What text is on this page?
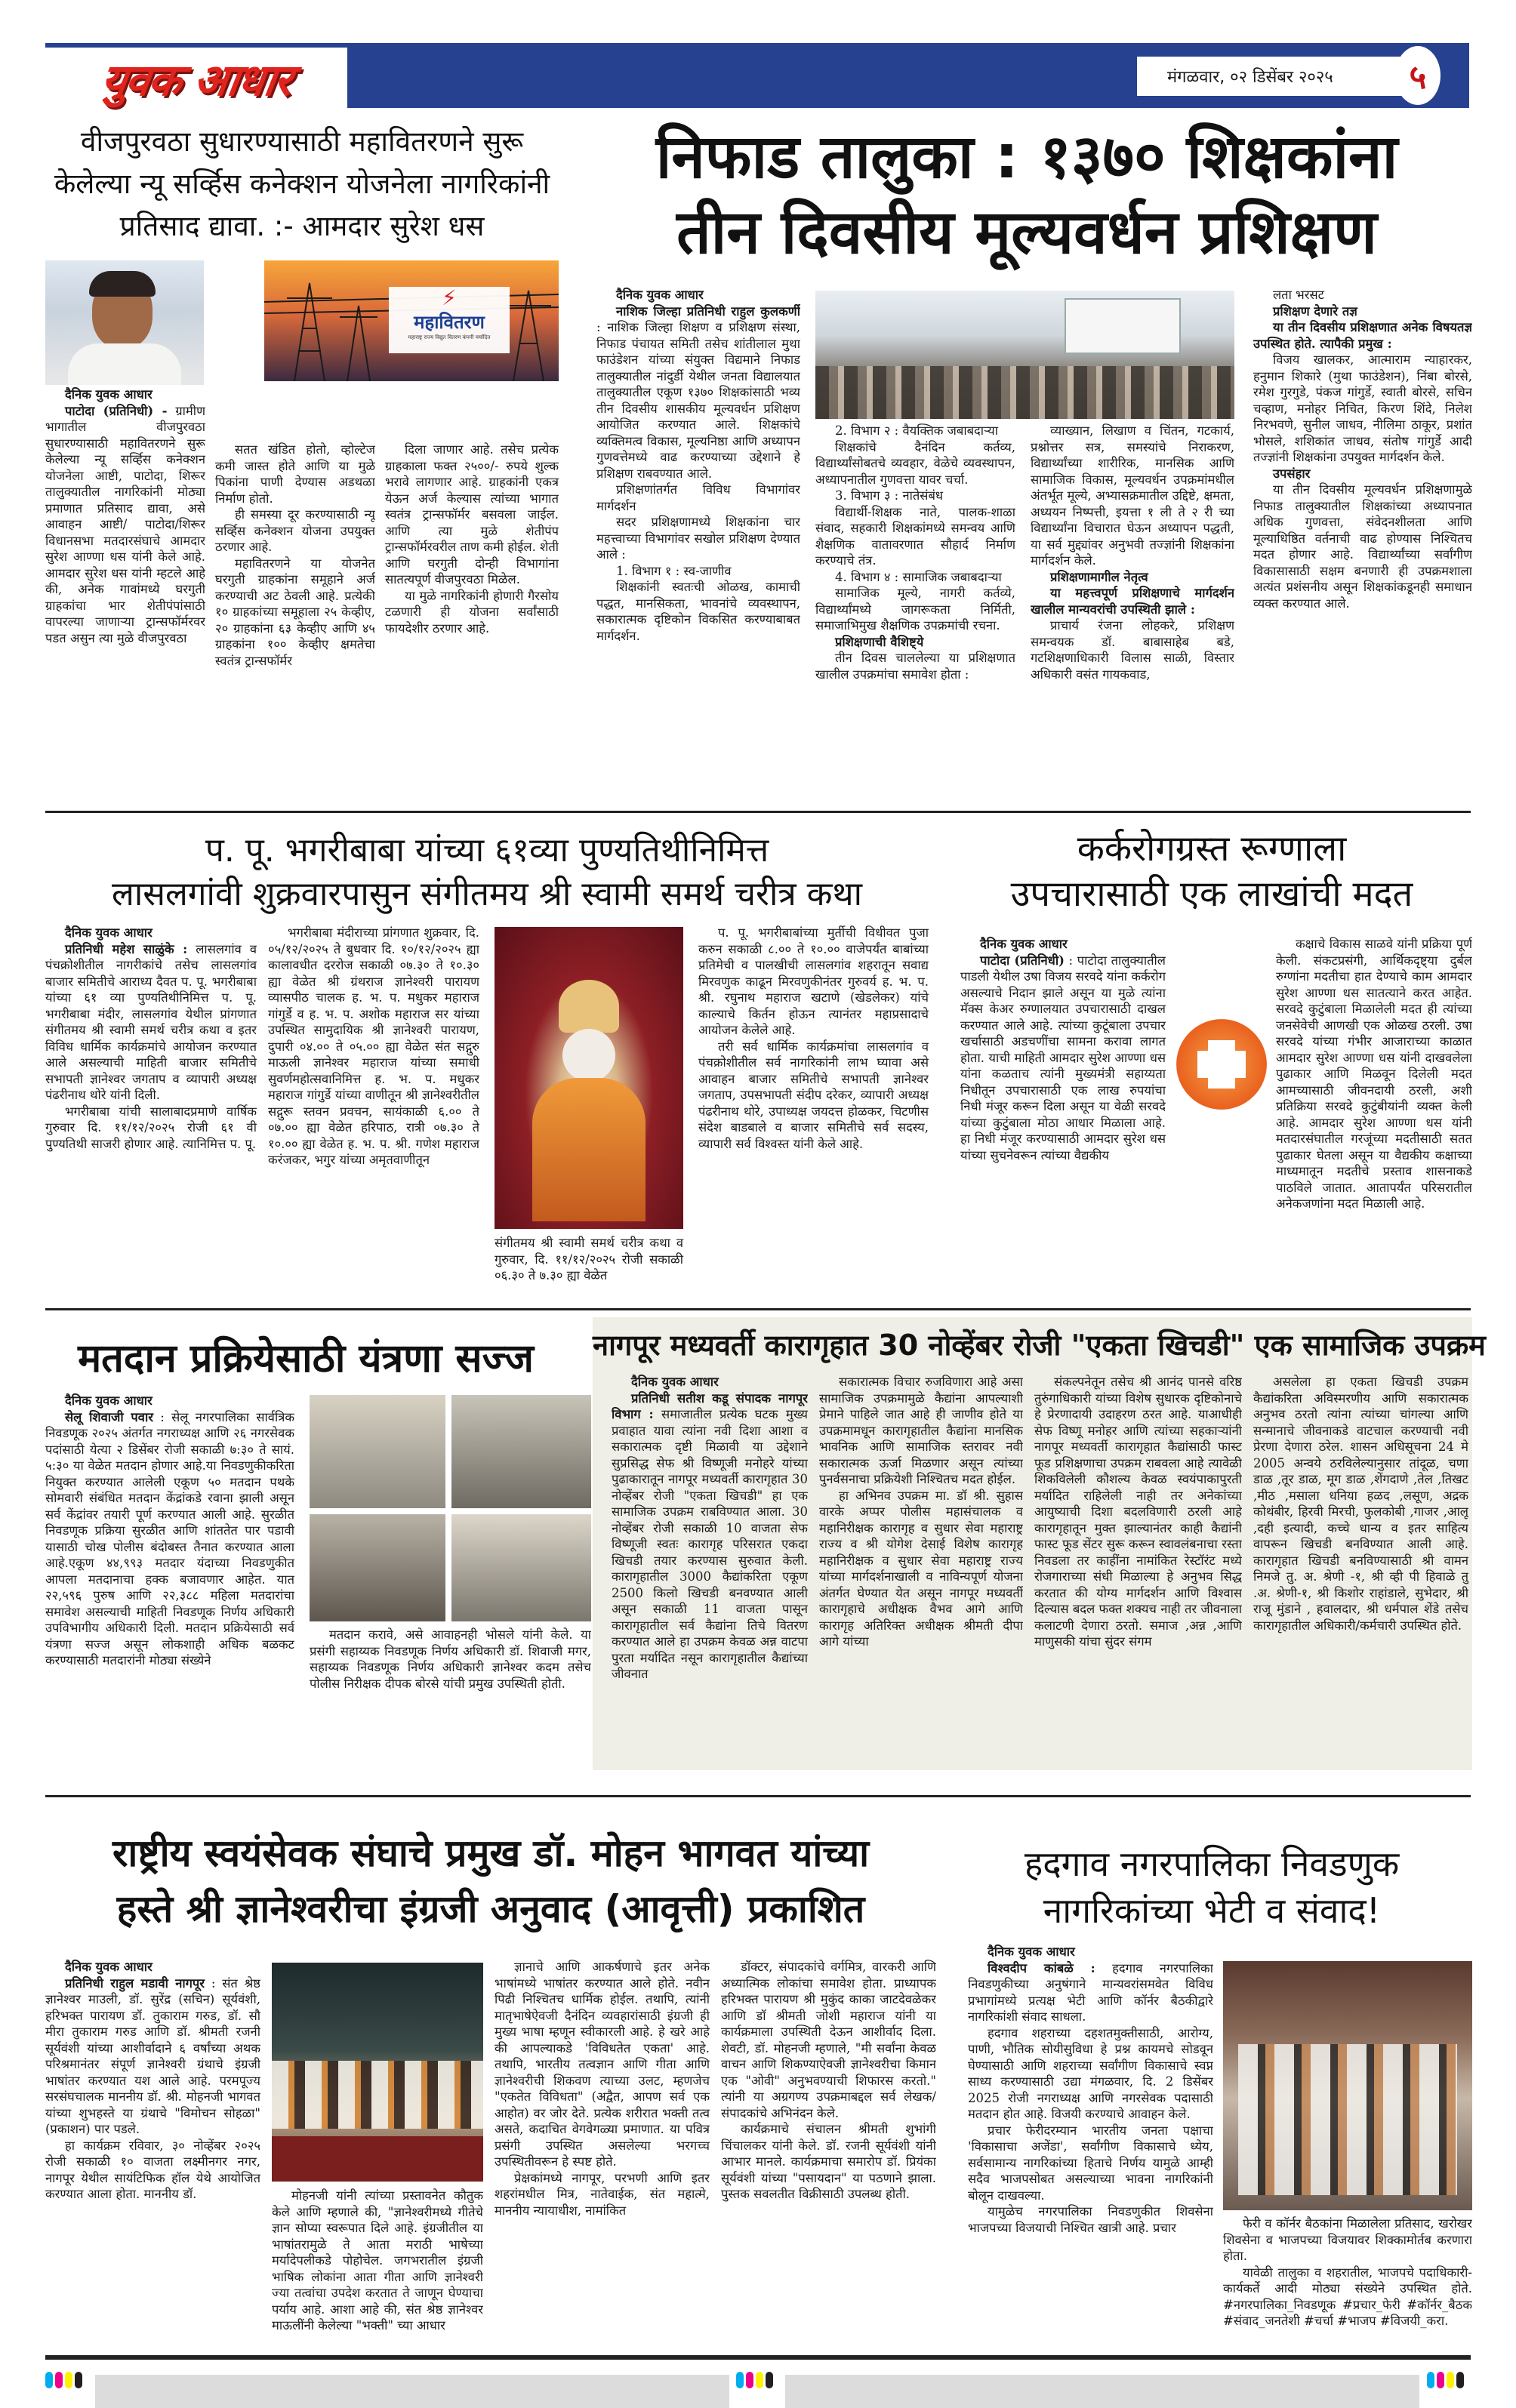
युवक आधार	मंगळवार, ०२ डिसेंबर २०२५	५
वीजपुरवठा सुधारण्यासाठी महावितरणने सुरू
केलेल्या न्यू सर्व्हिस कनेक्शन योजनेला नागरिकांनी
प्रतिसाद द्यावा. :- आमदार सुरेश धस
⚡
महावितरण
महाराष्ट्र राज्य विद्युत वितरण कंपनी मर्यादित

दैनिक युवक आधार

पाटोदा (प्रतिनिधी) - ग्रामीण भागातील वीजपुरवठा सुधारण्यासाठी महावितरणने सुरू केलेल्या न्यू सर्व्हिस कनेक्शन योजनेला आष्टी, पाटोदा, शिरूर तालुक्यातील नागरिकांनी मोठ्या प्रमाणात प्रतिसाद द्यावा, असे आवाहन आष्टी/ पाटोदा/शिरूर विधानसभा मतदारसंघाचे आमदार सुरेश आण्णा धस यांनी केले आहे. आमदार सुरेश धस यांनी म्हटले आहे की, अनेक गावांमध्ये घरगुती ग्राहकांचा भार शेतीपंपांसाठी वापरल्या जाणाऱ्या ट्रान्सफॉर्मरवर पडत असुन त्या मुळे वीजपुरवठा

सतत खंडित होतो, व्होल्टेज कमी जास्त होते आणि या मुळे पिकांना पाणी देण्यास अडथळा निर्माण होतो.

ही समस्या दूर करण्यासाठी न्यू सर्व्हिस कनेक्शन योजना उपयुक्त ठरणार आहे.

महावितरणने या योजनेत घरगुती ग्राहकांना समूहाने अर्ज करण्याची अट ठेवली आहे. प्रत्येकी १० ग्राहकांच्या समूहाला २५ केव्हीए, २० ग्राहकांना ६३ केव्हीए आणि ४५ ग्राहकांना १०० केव्हीए क्षमतेचा स्वतंत्र ट्रान्सफॉर्मर

दिला जाणार आहे. तसेच प्रत्येक ग्राहकाला फक्त २५००/- रुपये शुल्क भरावे लागणार आहे. ग्राहकांनी एकत्र येऊन अर्ज केल्यास त्यांच्या भागात स्वतंत्र ट्रान्सफॉर्मर बसवला जाईल. आणि त्या मुळे शेतीपंप ट्रान्सफॉर्मरवरील ताण कमी होईल. शेती आणि घरगुती दोन्ही विभागांना सातत्यपूर्ण वीजपुरवठा मिळेल.

या मुळे नागरिकांनी होणारी गैरसोय टळणारी ही योजना सर्वांसाठी फायदेशीर ठरणार आहे.

निफाड तालुका : १३७० शिक्षकांना
तीन दिवसीय मूल्यवर्धन प्रशिक्षण

दैनिक युवक आधार

नाशिक जिल्हा प्रतिनिधी राहुल कुलकर्णी : नाशिक जिल्हा शिक्षण व प्रशिक्षण संस्था, निफाड पंचायत समिती तसेच शांतीलाल मुथा फाउंडेशन यांच्या संयुक्त विद्यमाने निफाड तालुक्यातील नांदुर्डी येथील जनता विद्यालयात तालुक्यातील एकूण १३७० शिक्षकांसाठी भव्य तीन दिवसीय शासकीय मूल्यवर्धन प्रशिक्षण आयोजित करण्यात आले. शिक्षकांचे व्यक्तिमत्व विकास, मूल्यनिष्ठा आणि अध्यापन गुणवत्तेमध्ये वाढ करण्याच्या उद्देशाने हे प्रशिक्षण राबवण्यात आले.

प्रशिक्षणांतर्गत विविध विभागांवर मार्गदर्शन

सदर प्रशिक्षणामध्ये शिक्षकांना चार महत्त्वाच्या विभागांवर सखोल प्रशिक्षण देण्यात आले :

1. विभाग १ : स्व-जाणीव

शिक्षकांनी स्वतःची ओळख, कामाची पद्धत, मानसिकता, भावनांचे व्यवस्थापन, सकारात्मक दृष्टिकोन विकसित करण्याबाबत मार्गदर्शन.

2. विभाग २ : वैयक्तिक जबाबदाऱ्या

शिक्षकांचे दैनंदिन कर्तव्य, विद्यार्थ्यांसोबतचे व्यवहार, वेळेचे व्यवस्थापन, अध्यापनातील गुणवत्ता यावर चर्चा.

3. विभाग ३ : नातेसंबंध

विद्यार्थी-शिक्षक नाते, पालक-शाळा संवाद, सहकारी शिक्षकांमध्ये समन्वय आणि शैक्षणिक वातावरणात सौहार्द निर्माण करण्याचे तंत्र.

4. विभाग ४ : सामाजिक जबाबदाऱ्या

सामाजिक मूल्ये, नागरी कर्तव्ये, विद्यार्थ्यांमध्ये जागरूकता निर्मिती, समाजाभिमुख शैक्षणिक उपक्रमांची रचना.

प्रशिक्षणाची वैशिष्ट्ये

तीन दिवस चाललेल्या या प्रशिक्षणात खालील उपक्रमांचा समावेश होता :

व्याख्यान, लिखाण व चिंतन, गटकार्य, प्रश्नोत्तर सत्र, समस्यांचे निराकरण, विद्यार्थ्यांच्या शारीरिक, मानसिक आणि सामाजिक विकास, मूल्यवर्धन उपक्रमांमधील अंतर्भूत मूल्ये, अभ्यासक्रमातील उद्दिष्टे, क्षमता, अध्ययन निष्पत्ती, इयत्ता १ ली ते २ री च्या विद्यार्थ्यांना विचारात घेऊन अध्यापन पद्धती, या सर्व मुद्द्यांवर अनुभवी तज्ज्ञांनी शिक्षकांना मार्गदर्शन केले.

प्रशिक्षणामागील नेतृत्व

या महत्त्वपूर्ण प्रशिक्षणाचे मार्गदर्शन खालील मान्यवरांची उपस्थिती झाले :

प्राचार्य रंजना लोहकरे, प्रशिक्षण समन्वयक डॉ. बाबासाहेब बडे, गटशिक्षणाधिकारी विलास साळी, विस्तार अधिकारी वसंत गायकवाड,

लता भरसट

प्रशिक्षण देणारे तज्ञ

या तीन दिवसीय प्रशिक्षणात अनेक विषयतज्ञ उपस्थित होते. त्यापैकी प्रमुख :

विजय खालकर, आत्माराम न्याहारकर, हनुमान शिकारे (मुथा फाउंडेशन), निंबा बोरसे, रमेश गुरगुडे, पंकज गांगुर्डे, स्वाती बोरसे, सचिन चव्हाण, मनोहर निचित, किरण शिंदे, निलेश निरभवणे, सुनील जाधव, नीलिमा ठाकूर, प्रशांत भोसले, शशिकांत जाधव, संतोष गांगुर्डे आदी तज्ज्ञांनी शिक्षकांना उपयुक्त मार्गदर्शन केले.

उपसंहार

या तीन दिवसीय मूल्यवर्धन प्रशिक्षणामुळे निफाड तालुक्यातील शिक्षकांच्या अध्यापनात अधिक गुणवत्ता, संवेदनशीलता आणि मूल्याधिष्ठित वर्तनाची वाढ होण्यास निश्चितच मदत होणार आहे. विद्यार्थ्यांच्या सर्वांगीण विकासासाठी सक्षम बनणारी ही उपक्रमशाला अत्यंत प्रशंसनीय असून शिक्षकांकडूनही समाधान व्यक्त करण्यात आले.

प. पू. भगरीबाबा यांच्या ६१व्या पुण्यतिथीनिमित्त
लासलगांवी शुक्रवारपासुन संगीतमय श्री स्वामी समर्थ चरीत्र कथा

दैनिक युवक आधार

प्रतिनिधी महेश साळुंके : लासलगांव व पंचक्रोशीतील नागरीकांचे तसेच लासलगांव बाजार समितीचे आराध्य दैवत प. पू. भगरीबाबा यांच्या ६१ व्या पुण्यतिथीनिमित्त प. पू. भगरीबाबा मंदीर, लासलगांव येथील प्रांगणात संगीतमय श्री स्वामी समर्थ चरीत्र कथा व इतर विविध धार्मिक कार्यक्रमांचे आयोजन करण्यात आले असल्याची माहिती बाजार समितीचे सभापती ज्ञानेश्वर जगताप व व्यापारी अध्यक्ष पंढरीनाथ थोरे यांनी दिली.

भगरीबाबा यांची सालाबादप्रमाणे वार्षिक गुरुवार दि. ११/१२/२०२५ रोजी ६१ वी पुण्यतिथी साजरी होणार आहे. त्यानिमित्त प. पू.

भगरीबाबा मंदीराच्या प्रांगणात शुक्रवार, दि. ०५/१२/२०२५ ते बुधवार दि. १०/१२/२०२५ ह्या कालावधीत दररोज सकाळी ०७.३० ते १०.३० ह्या वेळेत श्री ग्रंथराज ज्ञानेश्वरी पारायण व्यासपीठ चालक ह. भ. प. मधुकर महाराज गांगुर्डे व ह. भ. प. अशोक महाराज सर यांच्या उपस्थित सामुदायिक श्री ज्ञानेश्वरी पारायण, दुपारी ०४.०० ते ०५.०० ह्या वेळेत संत सद्गुरु माऊली ज्ञानेश्वर महाराज यांच्या समाधी सुवर्णमहोत्सवानिमित्त ह. भ. प. मधुकर महाराज गांगुर्डे यांच्या वाणीतून श्री ज्ञानेश्वरीतील सद्गुरू स्तवन प्रवचन, सायंकाळी ६.०० ते ०७.०० ह्या वेळेत हरिपाठ, रात्री ०७.३० ते १०.०० ह्या वेळेत ह. भ. प. श्री. गणेश महाराज करंजकर, भगुर यांच्या अमृतवाणीतून

संगीतमय श्री स्वामी समर्थ चरीत्र कथा व गुरुवार, दि. ११/१२/२०२५ रोजी सकाळी ०६.३० ते ७.३० ह्या वेळेत

प. पू. भगरीबाबांच्या मुर्तीची विधीवत पुजा करुन सकाळी ८.०० ते १०.०० वाजेपर्यंत बाबांच्या प्रतिमेची व पालखीची लासलगांव शहरातून सवाद्य मिरवणुक काढून मिरवणुकीनंतर गुरुवर्य ह. भ. प. श्री. रघुनाथ महाराज खटाणे (खेडलेकर) यांचे काल्याचे किर्तन होऊन त्यानंतर महाप्रसादाचे आयोजन केलेले आहे.

तरी सर्व धार्मिक कार्यक्रमांचा लासलगांव व पंचक्रोशीतील सर्व नागरिकांनी लाभ घ्यावा असे आवाहन बाजार समितीचे सभापती ज्ञानेश्वर जगताप, उपसभापती संदीप दरेकर, व्यापारी अध्यक्ष पंढरीनाथ थोरे, उपाध्यक्ष जयदत्त होळकर, चिटणीस संदेश बाडबाले व बाजार समितीचे सर्व सदस्य, व्यापारी सर्व विश्वस्त यांनी केले आहे.

कर्करोगग्रस्त रूग्णाला
उपचारासाठी एक लाखांची मदत

दैनिक युवक आधार

पाटोदा (प्रतिनिधी) : पाटोदा तालुक्यातील पाडली येथील उषा विजय सरवदे यांना कर्करोग असल्याचे निदान झाले असून या मुळे त्यांना मॅक्स केअर रुग्णालयात उपचारासाठी दाखल करण्यात आले आहे. त्यांच्या कुटूंबाला उपचार खर्चासाठी अडचणींचा सामना करावा लागत होता. याची माहिती आमदार सुरेश आण्णा धस यांना कळताच त्यांनी मुख्यमंत्री सहाय्यता निधीतून उपचारासाठी एक लाख रुपयांचा निधी मंजूर करून दिला असून या वेळी सरवदे यांच्या कुटुंबाला मोठा आधार मिळाला आहे. हा निधी मंजूर करण्यासाठी आमदार सुरेश धस यांच्या सुचनेवरून त्यांच्या वैद्यकीय

कक्षाचे विकास साळवे यांनी प्रक्रिया पूर्ण केली. संकटप्रसंगी, आर्थिकदृष्ट्या दुर्बल रुग्णांना मदतीचा हात देण्याचे काम आमदार सुरेश आण्णा धस सातत्याने करत आहेत. सरवदे कुटुंबाला मिळालेली मदत ही त्यांच्या जनसेवेची आणखी एक ओळख ठरली. उषा सरवदे यांच्या गंभीर आजाराच्या काळात आमदार सुरेश आण्णा धस यांनी दाखवलेला पुढाकार आणि मिळवून दिलेली मदत आमच्यासाठी जीवनदायी ठरली, अशी प्रतिक्रिया सरवदे कुटुंबीयांनी व्यक्त केली आहे. आमदार सुरेश आण्णा धस यांनी मतदारसंघातील गरजूंच्या मदतीसाठी सतत पुढाकार घेतला असून या वैद्यकीय कक्षाच्या माध्यमातून मदतीचे प्रस्ताव शासनाकडे पाठविले जातात. आतापर्यंत परिसरातील अनेकजणांना मदत मिळाली आहे.

मतदान प्रक्रियेसाठी यंत्रणा सज्ज

दैनिक युवक आधार

सेलू शिवाजी पवार : सेलू नगरपालिका सार्वत्रिक निवडणूक २०२५ अंतर्गत नगराध्यक्ष आणि २६ नगरसेवक पदांसाठी येत्या २ डिसेंबर रोजी सकाळी ७:३० ते सायं. ५:३० या वेळेत मतदान होणार आहे.या निवडणुकीकरिता नियुक्त करण्यात आलेली एकूण ५० मतदान पथके सोमवारी संबंधित मतदान केंद्रांकडे रवाना झाली असून सर्व केंद्रांवर तयारी पूर्ण करण्यात आली आहे. सुरळीत निवडणूक प्रक्रिया सुरळीत आणि शांततेत पार पडावी यासाठी चोख पोलीस बंदोबस्त तैनात करण्यात आला आहे.एकूण ४४,९९३ मतदार यंदाच्या निवडणुकीत आपला मतदानाचा हक्क बजावणार आहेत. यात २२,५९६ पुरुष आणि २२,३८८ महिला मतदारांचा समावेश असल्याची माहिती निवडणूक निर्णय अधिकारी उपविभागीय अधिकारी दिली. मतदान प्रक्रियेसाठी सर्व यंत्रणा सज्ज असून लोकशाही अधिक बळकट करण्यासाठी मतदारांनी मोठ्या संख्येने

मतदान करावे, असे आवाहनही भोसले यांनी केले. या प्रसंगी सहाय्यक निवडणूक निर्णय अधिकारी डॉ. शिवाजी मगर, सहाय्यक निवडणूक निर्णय अधिकारी ज्ञानेश्वर कदम तसेच पोलीस निरीक्षक दीपक बोरसे यांची प्रमुख उपस्थिती होती.

नागपूर मध्यवर्ती कारागृहात 30 नोव्हेंबर रोजी "एकता खिचडी" एक सामाजिक उपक्रम

दैनिक युवक आधार

प्रतिनिधी सतीश कडू संपादक नागपूर विभाग : समाजातील प्रत्येक घटक मुख्य प्रवाहात यावा त्यांना नवी दिशा आशा व सकारात्मक दृष्टी मिळावी या उद्देशाने सुप्रसिद्ध सेफ श्री विष्णूजी मनोहरे यांच्या पुढाकारातून नागपूर मध्यवर्ती कारागृहात 30 नोव्हेंबर रोजी "एकता खिचडी" हा एक सामाजिक उपक्रम राबविण्यात आला. 30 नोव्हेंबर रोजी सकाळी 10 वाजता सेफ विष्णूजी स्वतः कारागृह परिसरात एकदा खिचडी तयार करण्यास सुरुवात केली. कारागृहातील 3000 कैद्यांकरिता एकूण 2500 किलो खिचडी बनवण्यात आली असून सकाळी 11 वाजता पासून कारागृहातील सर्व कैद्यांना तिचे वितरण करण्यात आले हा उपक्रम केवळ अन्न वाटपा पुरता मर्यादित नसून कारागृहातील कैद्यांच्या जीवनात

सकारात्मक विचार रुजविणारा आहे असा सामाजिक उपक्रमामुळे कैद्यांना आपल्याशी प्रेमाने पाहिले जात आहे ही जाणीव होते या उपक्रमामधून कारागृहातील कैद्यांना मानसिक भावनिक आणि सामाजिक स्तरावर नवी सकारात्मक ऊर्जा मिळणार असून त्यांच्या पुनर्वसनाचा प्रक्रियेशी निश्चितच मदत होईल.

हा अभिनव उपक्रम मा. डॉ श्री. सुहास वारके अप्पर पोलीस महासंचालक व महानिरीक्षक कारागृह व सुधार सेवा महाराष्ट्र राज्य व श्री योगेश देसाई विशेष कारागृह महानिरीक्षक व सुधार सेवा महाराष्ट्र राज्य यांच्या मार्गदर्शनाखाली व नाविन्यपूर्ण योजना अंतर्गत घेण्यात येत असून नागपूर मध्यवर्ती कारागृहाचे अधीक्षक वैभव आगे आणि कारागृह अतिरिक्त अधीक्षक श्रीमती दीपा आगे यांच्या

संकल्पनेतून तसेच श्री आनंद पानसे वरिष्ठ तुरुंगाधिकारी यांच्या विशेष सुधारक दृष्टिकोनाचे हे प्रेरणादायी उदाहरण ठरत आहे. याआधीही सेफ विष्णू मनोहर आणि त्यांच्या सहकाऱ्यांनी नागपूर मध्यवर्ती कारागृहात कैद्यांसाठी फास्ट फूड प्रशिक्षणाचा उपक्रम राबवला आहे त्यावेळी शिकविलेली कौशल्य केवळ स्वयंपाकापुरती मर्यादित राहिलेली नाही तर अनेकांच्या आयुष्याची दिशा बदलविणारी ठरली आहे कारागृहातून मुक्त झाल्यानंतर काही कैद्यांनी फास्ट फूड सेंटर सुरू करून स्वावलंबनाचा रस्ता निवडला तर काहींना नामांकित रेस्टॉरंट मध्ये रोजगाराच्या संधी मिळाल्या हे अनुभव सिद्ध करतात की योग्य मार्गदर्शन आणि विश्वास दिल्यास बदल फक्त शक्यच नाही तर जीवनाला कलाटणी देणारा ठरतो. समाज ,अन्न ,आणि माणुसकी यांचा सुंदर संगम

असलेला हा एकता खिचडी उपक्रम कैद्यांकरिता अविस्मरणीय आणि सकारात्मक अनुभव ठरतो त्यांना त्यांच्या चांगल्या आणि सन्मानाचे जीवनाकडे वाटचाल करण्याची नवी प्रेरणा देणारा ठरेल. शासन अधिसूचना 24 मे 2005 अन्वये ठरविलेल्यानुसार तांदूळ, चणा डाळ ,तूर डाळ, मूग डाळ ,शेंगदाणे ,तेल ,तिखट ,मीठ ,मसाला धनिया हळद ,लसूण, अद्रक कोथंबीर, हिरवी मिरची, फुलकोबी ,गाजर ,आलू ,दही इत्यादी, कच्चे धान्य व इतर साहित्य वापरून खिचडी बनविण्यात आली आहे. कारागृहात खिचडी बनविण्यासाठी श्री वामन निमजे तु. अ. श्रेणी -१, श्री व्ही पी हिवाळे तु .अ. श्रेणी-१, श्री किशोर राहांडाले, सुभेदार, श्री राजू मुंडाने , हवालदार, श्री धर्मपाल शेंडे तसेच कारागृहातील अधिकारी/कर्मचारी उपस्थित होते.

राष्ट्रीय स्वयंसेवक संघाचे प्रमुख डॉ. मोहन भागवत यांच्या
हस्ते श्री ज्ञानेश्वरीचा इंग्रजी अनुवाद (आवृत्ती) प्रकाशित

दैनिक युवक आधार

प्रतिनिधी राहुल मडावी नागपूर : संत श्रेष्ठ ज्ञानेश्वर माउली, डॉ. सुरेंद्र (सचिन) सूर्यवंशी, हरिभक्त पारायण डॉ. तुकाराम गरुड, डॉ. सौ मीरा तुकाराम गरुड आणि डॉ. श्रीमती रजनी सूर्यवंशी यांच्या आशीर्वादाने ६ वर्षांच्या अथक परिश्रमानंतर संपूर्ण ज्ञानेश्वरी ग्रंथाचे इंग्रजी भाषांतर करण्यात यश आले आहे. परमपूज्य सरसंघचालक माननीय डॉ. श्री. मोहनजी भागवत यांच्या शुभहस्ते या ग्रंथाचे "विमोचन सोहळा" (प्रकाशन) पार पडले.

हा कार्यक्रम रविवार, ३० नोव्हेंबर २०२५ रोजी सकाळी १० वाजता लक्ष्मीनगर नगर, नागपूर येथील सायंटिफिक हॉल येथे आयोजित करण्यात आला होता. माननीय डॉ.	मोहनजी यांनी त्यांच्या प्रस्तावनेत कौतुक केले आणि म्हणाले की, "ज्ञानेश्वरीमध्ये गीतेचे ज्ञान सोप्या स्वरूपात दिले आहे. इंग्रजीतील या भाषांतरामुळे ते आता मराठी भाषेच्या मर्यादेपलीकडे पोहोचेल. जगभरातील इंग्रजी भाषिक लोकांना आता गीता आणि ज्ञानेश्वरी ज्या तत्वांचा उपदेश करतात ते जाणून घेण्याचा पर्याय आहे. आशा आहे की, संत श्रेष्ठ ज्ञानेश्वर माऊलींनी केलेल्या "भक्ती" च्या आधार

ज्ञानाचे आणि आकर्षणाचे इतर अनेक भाषांमध्ये भाषांतर करण्यात आले होते. नवीन पिढी निश्चितच धार्मिक होईल. तथापि, त्यांनी मातृभाषेऐवजी दैनंदिन व्यवहारांसाठी इंग्रजी ही मुख्य भाषा म्हणून स्वीकारली आहे. हे खरे आहे की आपल्याकडे 'विविधतेत एकता' आहे. तथापि, भारतीय तत्वज्ञान आणि गीता आणि ज्ञानेश्वरीची शिकवण त्याच्या उलट, म्हणजेच "एकतेत विविधता" (अद्वैत, आपण सर्व एक आहोत) वर जोर देते. प्रत्येक शरीरात भक्ती तत्व असते, कदाचित वेगवेगळ्या प्रमाणात. या पवित्र प्रसंगी उपस्थित असलेल्या भरगच्च उपस्थितीवरून हे स्पष्ट होते.

प्रेक्षकांमध्ये नागपूर, परभणी आणि इतर शहरांमधील मित्र, नातेवाईक, संत महात्मे, माननीय न्यायाधीश, नामांकित

डॉक्टर, संपादकांचे वर्गमित्र, वारकरी आणि अध्यात्मिक लोकांचा समावेश होता. प्राध्यापक हरिभक्त पारायण श्री मुकुंद काका जाटदेवळेकर आणि डॉ श्रीमती जोशी महाराज यांनी या कार्यक्रमाला उपस्थिती देऊन आशीर्वाद दिला. शेवटी, डॉ. मोहनजी म्हणाले, "मी सर्वांना केवळ वाचन आणि शिकण्याऐवजी ज्ञानेश्वरीचा किमान एक "ओवी" अनुभवण्याची शिफारस करतो." त्यांनी या अग्रगण्य उपक्रमाबद्दल सर्व लेखक/संपादकांचे अभिनंदन केले.

कार्यक्रमाचे संचालन श्रीमती शुभांगी चिंचालकर यांनी केले. डॉ. रजनी सूर्यवंशी यांनी आभार मानले. कार्यक्रमाचा समारोप डॉ. प्रियंका सूर्यवंशी यांच्या "पसायदान" या पठणाने झाला. पुस्तक सवलतीत विक्रीसाठी उपलब्ध होती.

हदगाव नगरपालिका निवडणुक
नागरिकांच्या भेटी व संवाद!

दैनिक युवक आधार

विश्वदीप कांबळे : हदगाव नगरपालिका निवडणुकीच्या अनुषंगाने मान्यवरांसमवेत विविध प्रभागांमध्ये प्रत्यक्ष भेटी आणि कॉर्नर बैठकीद्वारे नागरिकांशी संवाद साधला.

हदगाव शहराच्या दहशतमुक्तीसाठी, आरोग्य, पाणी, भौतिक सोयीसुविधा हे प्रश्न कायमचे सोडवून घेण्यासाठी आणि शहराच्या सर्वांगीण विकासाचे स्वप्न साध्य करण्यासाठी उद्या मंगळवार, दि. 2 डिसेंबर 2025 रोजी नगराध्यक्ष आणि नगरसेवक पदासाठी मतदान होत आहे. विजयी करण्याचे आवाहन केले.

प्रचार फेरीदरम्यान भारतीय जनता पक्षाचा 'विकासाचा अजेंडा', सर्वांगीण विकासाचे ध्येय, सर्वसामान्य नागरिकांच्या हिताचे निर्णय यामुळे आम्ही सदैव भाजपसोबत असल्याच्या भावना नागरिकांनी बोलून दाखवल्या.

यामुळेच नगरपालिका निवडणुकीत शिवसेना भाजपच्या विजयाची निश्चित खात्री आहे. प्रचार	फेरी व कॉर्नर बैठकांना मिळालेला प्रतिसाद, खरोखर शिवसेना व भाजपच्या विजयावर शिक्कामोर्तब करणारा होता.

यावेळी तालुका व शहरातील, भाजपचे पदाधिकारी-कार्यकर्ते आदी मोठ्या संख्येने उपस्थित होते. #नगरपालिका_निवडणूक #प्रचार_फेरी #कॉर्नर_बैठक #संवाद_जनतेशी #चर्चा #भाजप #विजयी_करा.
